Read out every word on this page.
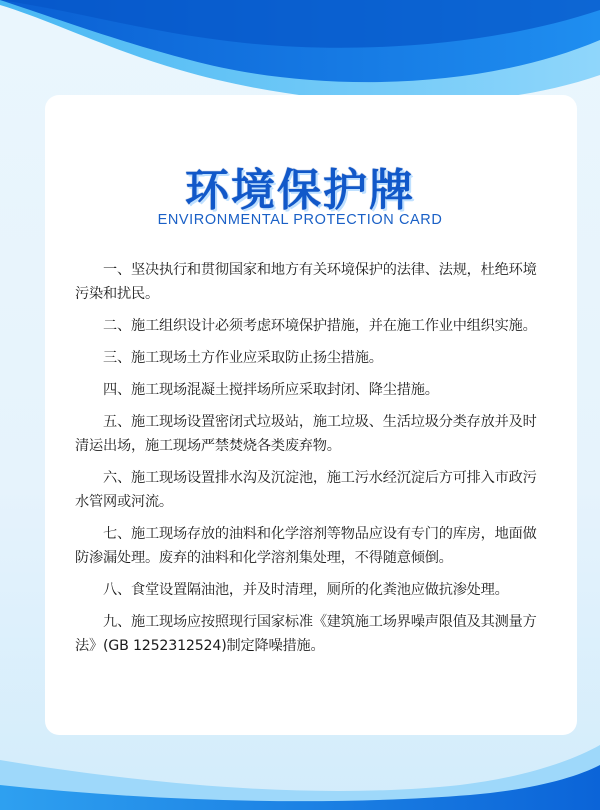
环境保护牌
ENVIRONMENTAL PROTECTION CARD

一、坚决执行和贯彻国家和地方有关环境保护的法律、法规，杜绝环境污染和扰民。

二、施工组织设计必须考虑环境保护措施，并在施工作业中组织实施。

三、施工现场土方作业应采取防止扬尘措施。

四、施工现场混凝土搅拌场所应采取封闭、降尘措施。

五、施工现场设置密闭式垃圾站，施工垃圾、生活垃圾分类存放并及时清运出场，施工现场严禁焚烧各类废弃物。

六、施工现场设置排水沟及沉淀池，施工污水经沉淀后方可排入市政污水管网或河流。

七、施工现场存放的油料和化学溶剂等物品应设有专门的库房，地面做防渗漏处理。废弃的油料和化学溶剂集处理，不得随意倾倒。

八、食堂设置隔油池，并及时清理，厕所的化粪池应做抗渗处理。

九、施工现场应按照现行国家标准《建筑施工场界噪声限值及其测量方法》(GB 1252312524)制定降噪措施。
